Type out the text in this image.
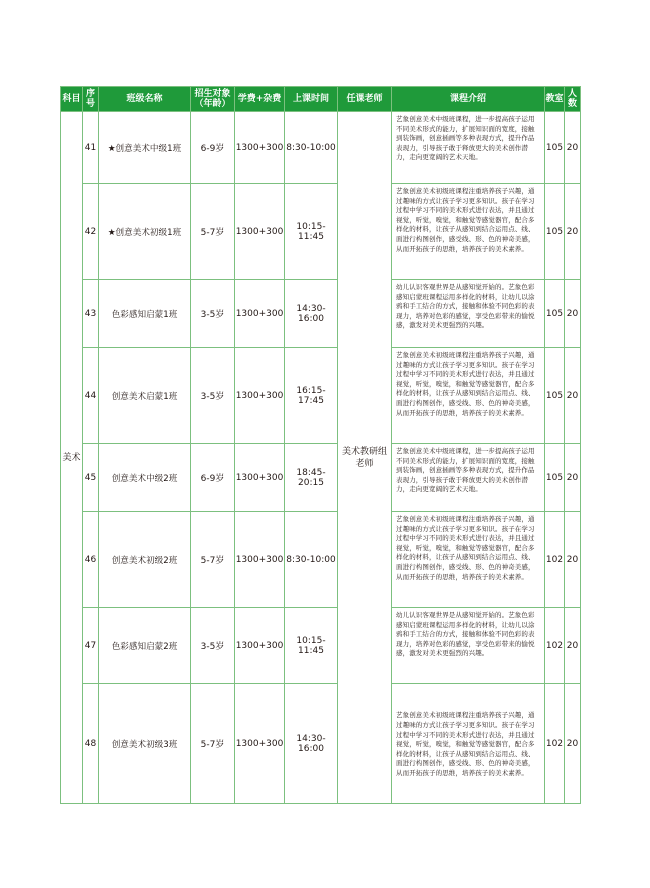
科目	序号	班级名称	招生对象（年龄）	学费+杂费	上课时间	任课老师	课程介绍	教室	人数
美术	41	★创意美术中级1班	6-9岁	1300+300	8:30-10:00	美术教研组老师	艺象创意美术中级班课程，进一步提高孩子运用不同美术形式的能力，扩展知识面的宽度，接触到装饰画，创意插画等多种表现方式，提升作品表现力，引导孩子敢于释放更大的美术创作潜力，走向更宽阔的艺术天地。	105	20
	42	★创意美术初级1班	5-7岁	1300+300	10:15-11:45		艺象创意美术初级班课程注重培养孩子兴趣，通过趣味的方式让孩子学习更多知识。孩子在学习过程中学习不同的美术形式进行表达，并且通过视觉，听觉，嗅觉，和触觉等感觉器官，配合多样化的材料，让孩子从感知到结合运用点、线、面进行构图创作，感受线、形、色的神奇美感，从而开拓孩子的思维，培养孩子的美术素养。	105	20
	43	色彩感知启蒙1班	3-5岁	1300+300	14:30-16:00		幼儿认识客观世界是从感知觉开始的。艺象色彩感知启蒙班课程运用多样化的材料，让幼儿以涂鸦和手工结合的方式，接触和体验不同色彩的表现力，培养对色彩的感觉，享受色彩带来的愉悦感，激发对美术更强烈的兴趣。	105	20
	44	创意美术启蒙1班	3-5岁	1300+300	16:15-17:45		艺象创意美术初级班课程注重培养孩子兴趣，通过趣味的方式让孩子学习更多知识。孩子在学习过程中学习不同的美术形式进行表达，并且通过视觉，听觉，嗅觉，和触觉等感觉器官，配合多样化的材料，让孩子从感知到结合运用点、线、面进行构图创作，感受线、形、色的神奇美感，从而开拓孩子的思维，培养孩子的美术素养。	105	20
	45	创意美术中级2班	6-9岁	1300+300	18:45-20:15		艺象创意美术中级班课程，进一步提高孩子运用不同美术形式的能力，扩展知识面的宽度，接触到装饰画，创意插画等多种表现方式，提升作品表现力，引导孩子敢于释放更大的美术创作潜力，走向更宽阔的艺术天地。	105	20
	46	创意美术初级2班	5-7岁	1300+300	8:30-10:00		艺象创意美术初级班课程注重培养孩子兴趣，通过趣味的方式让孩子学习更多知识。孩子在学习过程中学习不同的美术形式进行表达，并且通过视觉，听觉，嗅觉，和触觉等感觉器官，配合多样化的材料，让孩子从感知到结合运用点、线、面进行构图创作，感受线、形、色的神奇美感，从而开拓孩子的思维，培养孩子的美术素养。	102	20
	47	色彩感知启蒙2班	3-5岁	1300+300	10:15-11:45		幼儿认识客观世界是从感知觉开始的。艺象色彩感知启蒙班课程运用多样化的材料，让幼儿以涂鸦和手工结合的方式，接触和体验不同色彩的表现力，培养对色彩的感觉，享受色彩带来的愉悦感，激发对美术更强烈的兴趣。	102	20
	48	创意美术初级3班	5-7岁	1300+300	14:30-16:00		艺象创意美术初级班课程注重培养孩子兴趣，通过趣味的方式让孩子学习更多知识。孩子在学习过程中学习不同的美术形式进行表达，并且通过视觉，听觉，嗅觉，和触觉等感觉器官，配合多样化的材料，让孩子从感知到结合运用点、线、面进行构图创作，感受线、形、色的神奇美感，从而开拓孩子的思维，培养孩子的美术素养。	102	20
